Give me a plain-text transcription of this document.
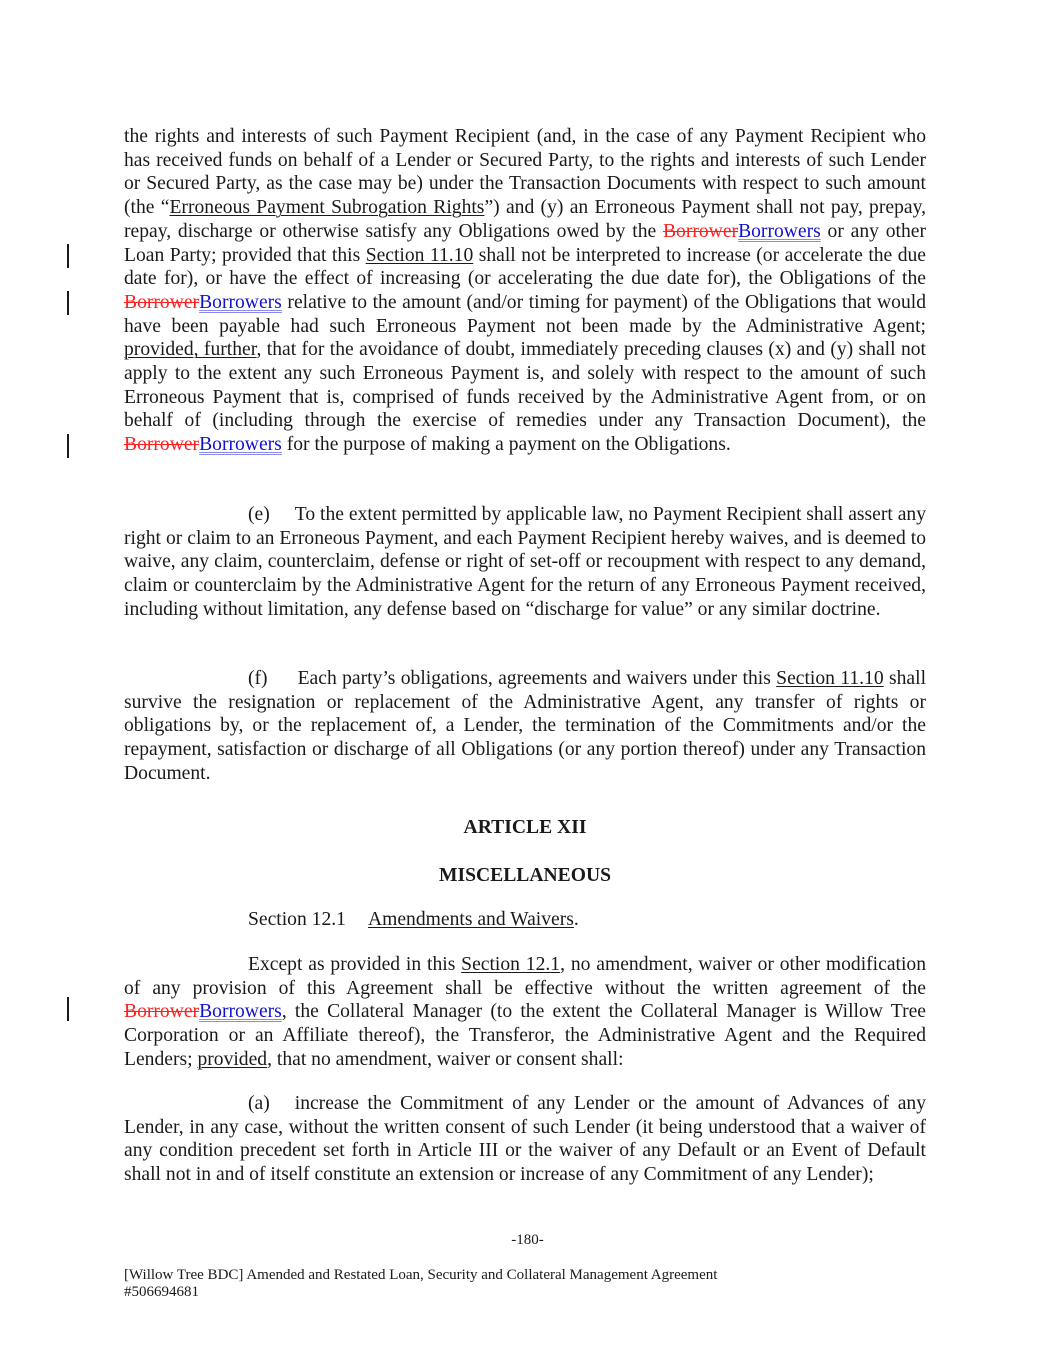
the rights and interests of such Payment Recipient (and, in the case of any Payment Recipient who has received funds on behalf of a Lender or Secured Party, to the rights and interests of such Lender or Secured Party, as the case may be) under the Transaction Documents with respect to such amount (the “Erroneous Payment Subrogation Rights”) and (y) an Erroneous Payment shall not pay, prepay, repay, discharge or otherwise satisfy any Obligations owed by the BorrowerBorrowers or any other Loan Party; provided that this Section 11.10 shall not be interpreted to increase (or accelerate the due date for), or have the effect of increasing (or accelerating the due date for), the Obligations of the BorrowerBorrowers relative to the amount (and/or timing for payment) of the Obligations that would have been payable had such Erroneous Payment not been made by the Administrative Agent; provided, further, that for the avoidance of doubt, immediately preceding clauses (x) and (y) shall not apply to the extent any such Erroneous Payment is, and solely with respect to the amount of such Erroneous Payment that is, comprised of funds received by the Administrative Agent from, or on behalf of (including through the exercise of remedies under any Transaction Document), the BorrowerBorrowers for the purpose of making a payment on the Obligations.

(e) To the extent permitted by applicable law, no Payment Recipient shall assert any right or claim to an Erroneous Payment, and each Payment Recipient hereby waives, and is deemed to waive, any claim, counterclaim, defense or right of set-off or recoupment with respect to any demand, claim or counterclaim by the Administrative Agent for the return of any Erroneous Payment received, including without limitation, any defense based on “discharge for value” or any similar doctrine.

(f) Each party’s obligations, agreements and waivers under this Section 11.10 shall survive the resignation or replacement of the Administrative Agent, any transfer of rights or obligations by, or the replacement of, a Lender, the termination of the Commitments and/or the repayment, satisfaction or discharge of all Obligations (or any portion thereof) under any Transaction Document.

ARTICLE XII

MISCELLANEOUS

Section 12.1 Amendments and Waivers.

Except as provided in this Section 12.1, no amendment, waiver or other modification of any provision of this Agreement shall be effective without the written agreement of the BorrowerBorrowers, the Collateral Manager (to the extent the Collateral Manager is Willow Tree Corporation or an Affiliate thereof), the Transferor, the Administrative Agent and the Required Lenders; provided, that no amendment, waiver or consent shall:

(a) increase the Commitment of any Lender or the amount of Advances of any Lender, in any case, without the written consent of such Lender (it being understood that a waiver of any condition precedent set forth in Article III or the waiver of any Default or an Event of Default shall not in and of itself constitute an extension or increase of any Commitment of any Lender);

-180-
[Willow Tree BDC] Amended and Restated Loan, Security and Collateral Management Agreement
#506694681
